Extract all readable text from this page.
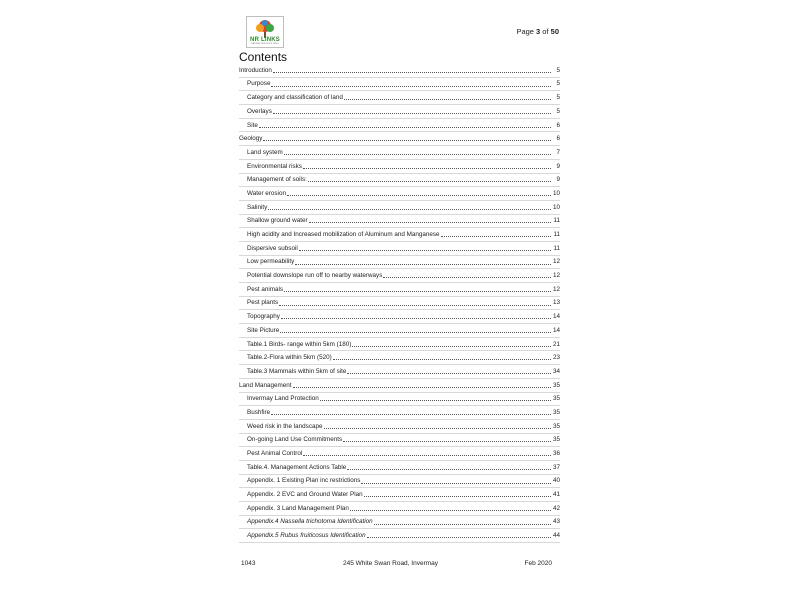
NR LINKS
NATURAL RESOURCE LINKS
Page 3 of 50
Contents
Introduction	5
Purpose	5
Category and classification of land	5
Overlays	5
Site	6
Geology	6
Land system	7
Environmental risks	9
Management of soils:	9
Water erosion	10
Salinity	10
Shallow ground water	11
High acidity and Increased mobilization of Aluminum and Manganese	11
Dispersive subsoil	11
Low permeability	12
Potential downslope run off to nearby waterways	12
Pest animals	12
Pest plants	13
Topography	14
Site Picture	14
Table.1 Birds- range within 5km (180)	21
Table.2-Flora within 5km (520)	23
Table.3 Mammals within 5km of site	34
Land Management	35
Invermay Land Protection	35
Bushfire	35
Weed risk in the landscape	35
On-going Land Use Commitments	35
Pest Animal Control	36
Table.4. Management Actions Table	37
Appendix. 1 Existing Plan inc restrictions	40
Appendix. 2 EVC and Ground Water Plan	41
Appendix. 3 Land Management Plan	42
Appendix.4 Nassella trichotoma Identification	43
Appendix.5 Rubus fruiticosus Identification	44
1043	245 White Swan Road, Invermay	Feb 2020
